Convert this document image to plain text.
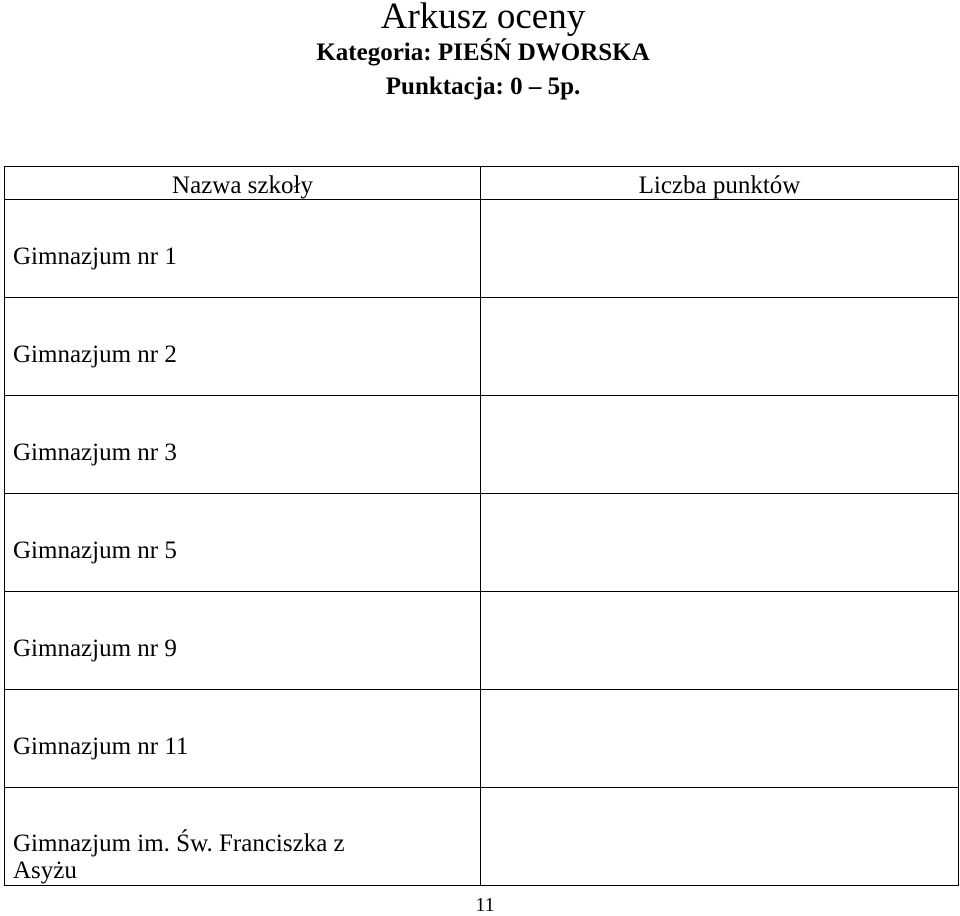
Arkusz oceny
Kategoria: PIEŚŃ DWORSKA
Punktacja: 0 – 5p.
Nazwa szkoły	Liczba punktów
Gimnazjum nr 1	
Gimnazjum nr 2	
Gimnazjum nr 3	
Gimnazjum nr 5	
Gimnazjum nr 9	
Gimnazjum nr 11	
Gimnazjum im. Św. Franciszka z Asyżu	
11
